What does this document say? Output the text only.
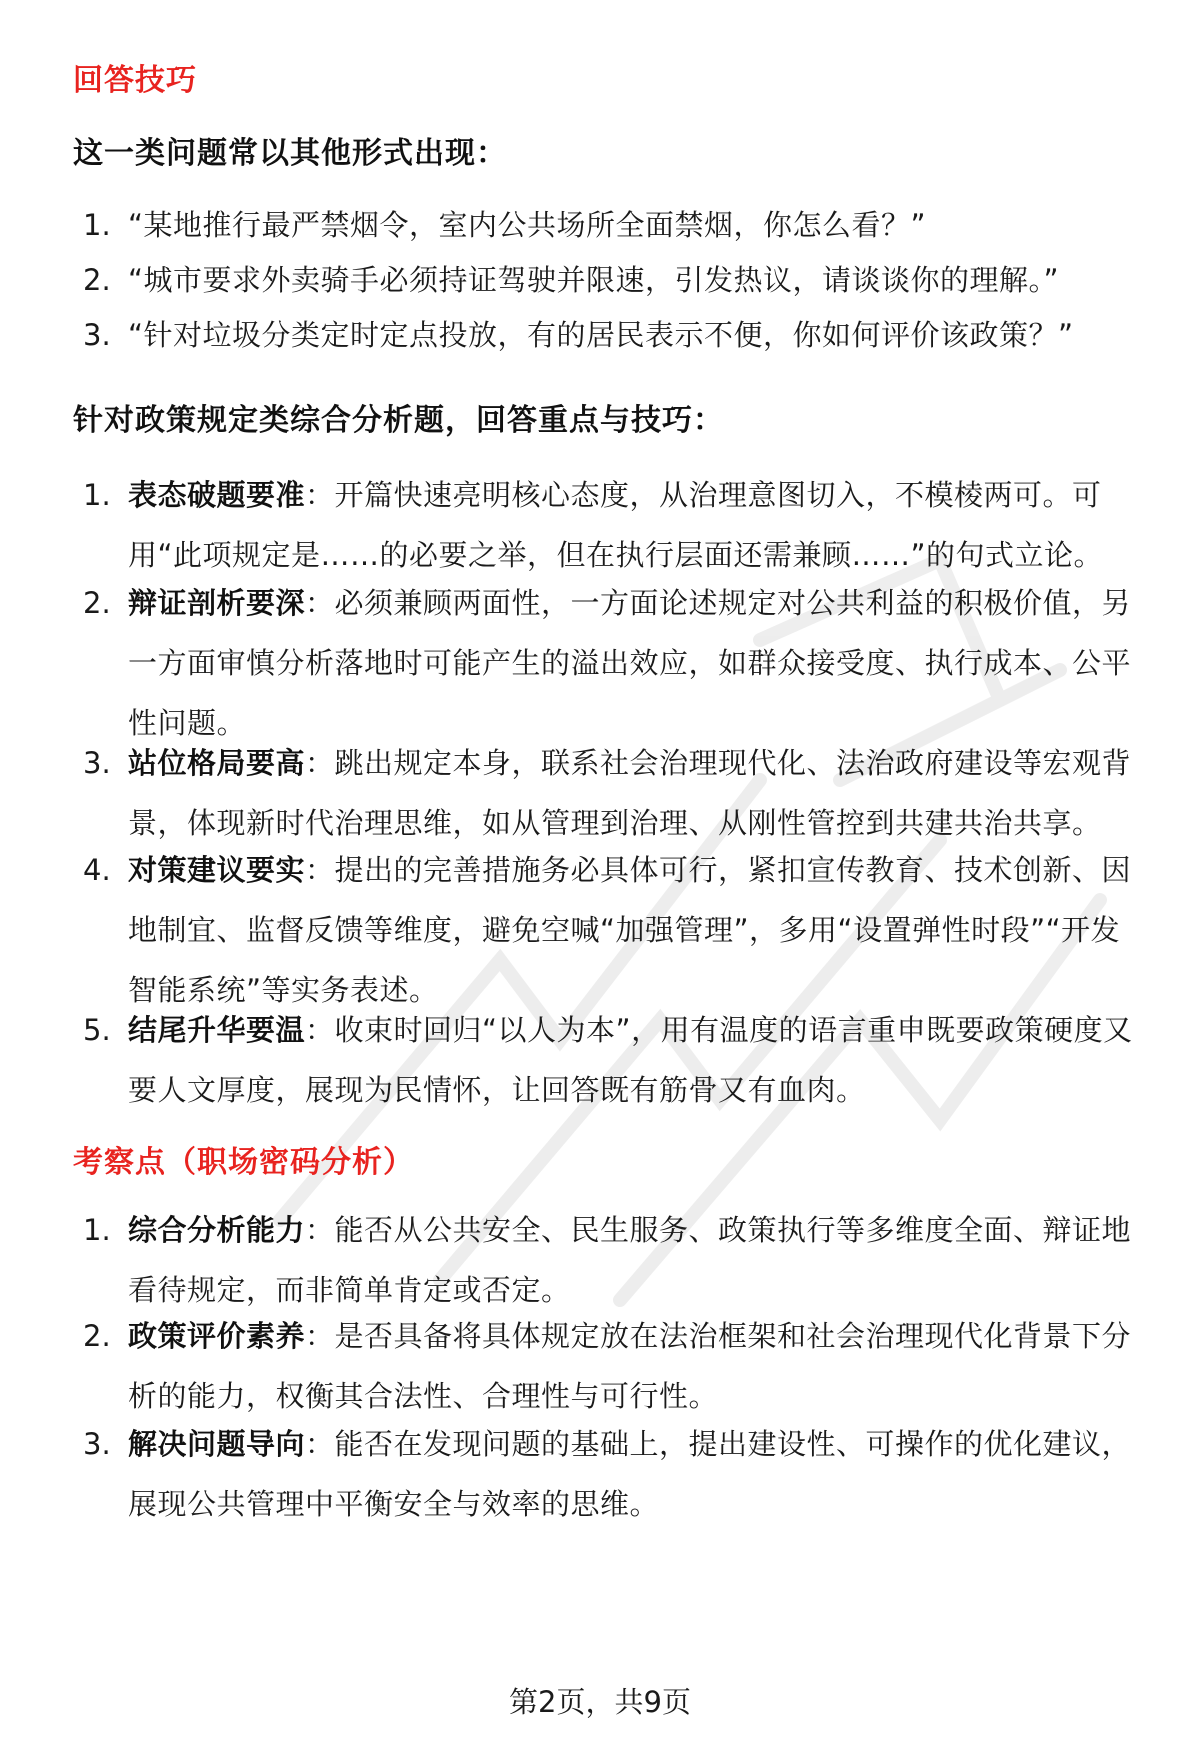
回答技巧
这一类问题常以其他形式出现：
1. “某地推行最严禁烟令，室内公共场所全面禁烟，你怎么看？”
2. “城市要求外卖骑手必须持证驾驶并限速，引发热议，请谈谈你的理解。”
3. “针对垃圾分类定时定点投放，有的居民表示不便，你如何评价该政策？”
针对政策规定类综合分析题，回答重点与技巧：
1. 表态破题要准：开篇快速亮明核心态度，从治理意图切入，不模棱两可。可用“此项规定是……的必要之举，但在执行层面还需兼顾……”的句式立论。
2. 辩证剖析要深：必须兼顾两面性，一方面论述规定对公共利益的积极价值，另一方面审慎分析落地时可能产生的溢出效应，如群众接受度、执行成本、公平性问题。
3. 站位格局要高：跳出规定本身，联系社会治理现代化、法治政府建设等宏观背景，体现新时代治理思维，如从管理到治理、从刚性管控到共建共治共享。
4. 对策建议要实：提出的完善措施务必具体可行，紧扣宣传教育、技术创新、因地制宜、监督反馈等维度，避免空喊“加强管理”，多用“设置弹性时段”“开发智能系统”等实务表述。
5. 结尾升华要温：收束时回归“以人为本”，用有温度的语言重申既要政策硬度又要人文厚度，展现为民情怀，让回答既有筋骨又有血肉。
考察点（职场密码分析）
1. 综合分析能力：能否从公共安全、民生服务、政策执行等多维度全面、辩证地看待规定，而非简单肯定或否定。
2. 政策评价素养：是否具备将具体规定放在法治框架和社会治理现代化背景下分析的能力，权衡其合法性、合理性与可行性。
3. 解决问题导向：能否在发现问题的基础上，提出建设性、可操作的优化建议，展现公共管理中平衡安全与效率的思维。
第2页，共9页
